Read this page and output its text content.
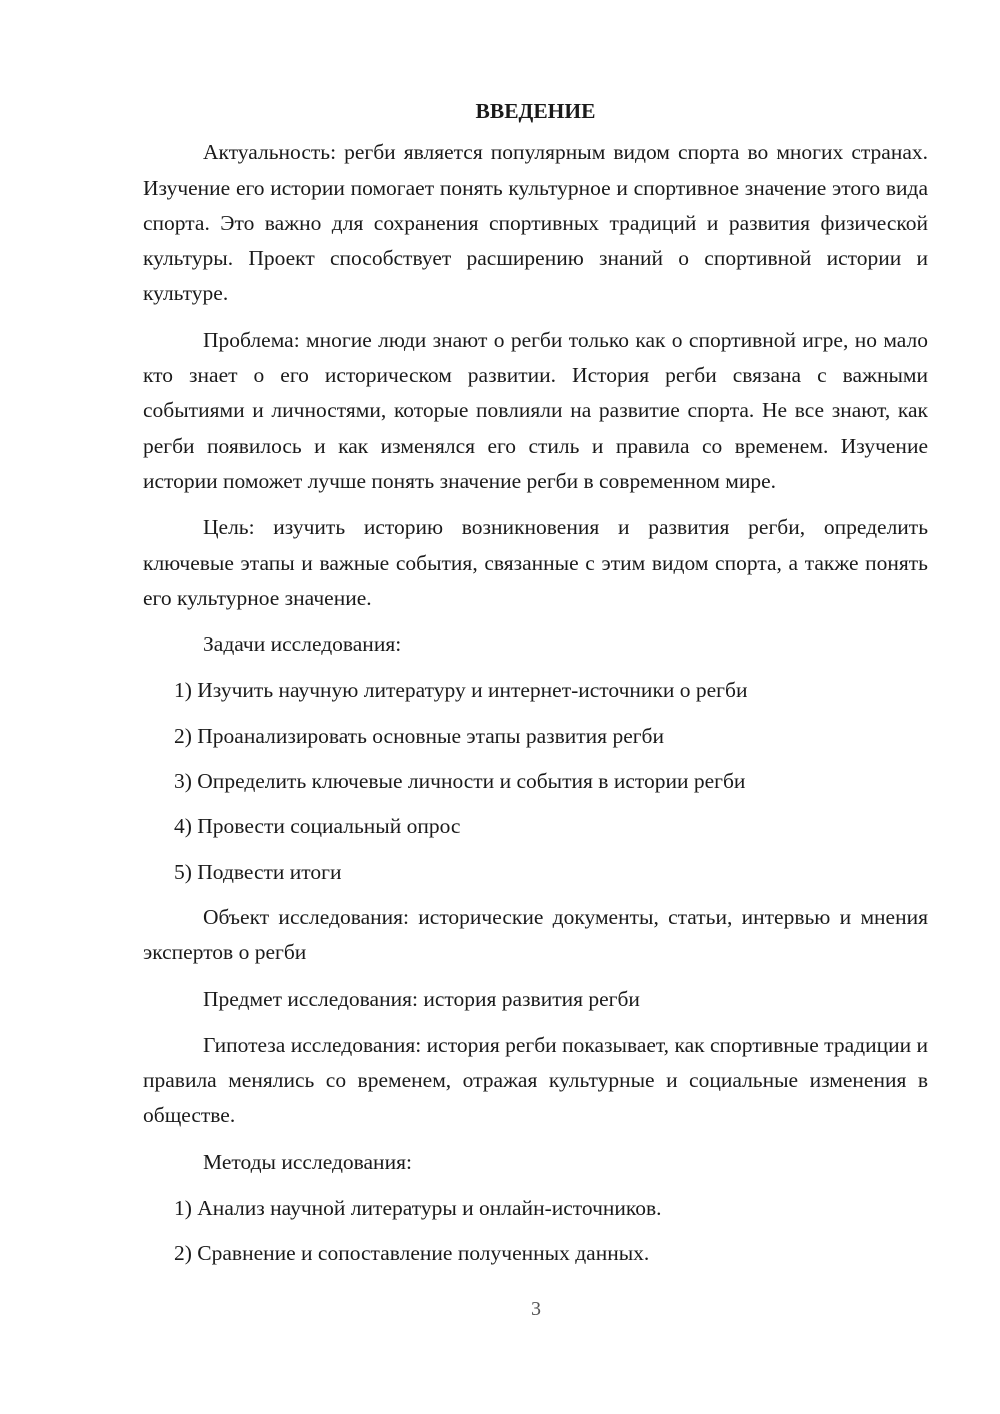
ВВЕДЕНИЕ
Актуальность: регби является популярным видом спорта во многих странах. Изучение его истории помогает понять культурное и спортивное значение этого вида спорта. Это важно для сохранения спортивных традиций и развития физической культуры. Проект способствует расширению знаний о спортивной истории и культуре.
Проблема: многие люди знают о регби только как о спортивной игре, но мало кто знает о его историческом развитии. История регби связана с важными событиями и личностями, которые повлияли на развитие спорта. Не все знают, как регби появилось и как изменялся его стиль и правила со временем. Изучение истории поможет лучше понять значение регби в современном мире.
Цель: изучить историю возникновения и развития регби, определить ключевые этапы и важные события, связанные с этим видом спорта, а также понять его культурное значение.
Задачи исследования:
1) Изучить научную литературу и интернет-источники о регби
2) Проанализировать основные этапы развития регби
3) Определить ключевые личности и события в истории регби
4) Провести социальный опрос
5) Подвести итоги
Объект исследования: исторические документы, статьи, интервью и мнения экспертов о регби
Предмет исследования: история развития регби
Гипотеза исследования: история регби показывает, как спортивные традиции и правила менялись со временем, отражая культурные и социальные изменения в обществе.
Методы исследования:
1) Анализ научной литературы и онлайн-источников.
2) Сравнение и сопоставление полученных данных.
3
